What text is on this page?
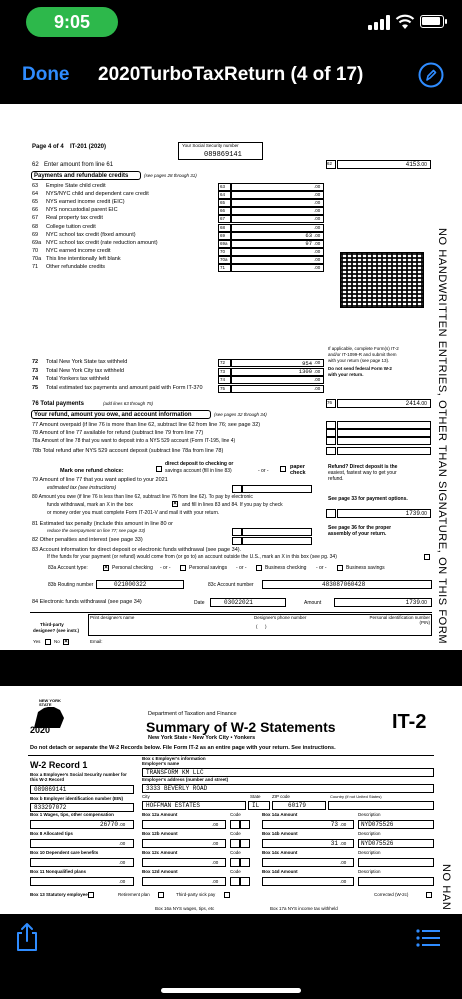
9:05
Done 2020TurboTaxReturn (4 of 17)
Page 4 of 4 IT-201 (2020)	Your Social Security number
089869141
62 Enter amount from line 61	62	4153 .00
Payments and refundable credits	(see pages 28 through 31)
63 Empire State child credit	63	.00
64 NYS/NYC child and dependent care credit	64	.00
65 NYS earned income credit (EIC)	65	.00
66 NYS noncustodial parent EIC	66	.00
67 Real property tax credit	67	.00
68 College tuition credit	68	.00
69 NYC school tax credit (fixed amount)	69	63 .00
69a NYC school tax credit (rate reduction amount)	69a	97 .00
70 NYC earned income credit	70	.00
70a This line intentionally left blank	70a	.00
71 Other refundable credits	71	.00
If applicable, complete Form(s) IT-2
and/or IT-1099-R and submit them
with your return (see page 13).
Do not send federal Form W-2
with your return.
72 Total New York State tax withheld	72	954 .00
73 Total New York City tax withheld	73	1300 .00
74 Total Yonkers tax withheld	74	.00
75 Total estimated tax payments and amount paid with Form IT-370	75	.00
76 Total payments	(add lines 63 through 75)	76	2414 .00
Your refund, amount you owe, and account information	(see pages 32 through 34)
77 Amount overpaid (if line 76 is more than line 62, subtract line 62 from line 76; see page 32)
78 Amount of line 77 available for refund (subtract line 79 from line 77)
78a Amount of line 78 that you want to deposit into a NYS 529 account (Form IT-195, line 4)
78b Total refund after NYS 529 account deposit (subtract line 78a from line 78)
Mark one refund choice:
direct deposit to checking or
savings account (fill in line 83)	- or -
paper check
Refund? Direct deposit is the
easiest, fastest way to get your
refund.
79 Amount of line 77 that you want applied to your 2021
estimated tax (see instructions)
80 Amount you owe (if line 76 is less than line 62, subtract line 76 from line 62). To pay by electronic
funds withdrawal, mark an X in the box	× and fill in lines 83 and 84. If you pay by check
or money order you must complete Form IT-201-V and mail it with your return.	1739 .00
See page 33 for payment options.
81 Estimated tax penalty (include this amount in line 80 or
reduce the overpayment on line 77; see page 33)
82 Other penalties and interest (see page 33)
See page 36 for the proper
assembly of your return.
83 Account information for direct deposit or electronic funds withdrawal (see page 34).
If the funds for your payment (or refund) would come from (or go to) an account outside the U.S., mark an X in this box (see pg. 34)
83a Account type:	× Personal checking - or -	Personal savings - or -	Business checking - or -	Business savings
83b Routing number	021000322	83c Account number	483087060428
84 Electronic funds withdrawal (see page 34)	Date	03022021	Amount	1739 .00
Third-party
designee? (see instr.)
Yes	No ×
Print designee's name	Designee's phone number
(      )
Personal identification number (PIN)
Email:	NO HANDWRITTEN ENTRIES, OTHER THAN SIGNATURE, ON THIS FORM

NEW YORK STATE
2020
Department of Taxation and Finance
Summary of W-2 Statements
New York State • New York City • Yonkers
IT-2
Do not detach or separate the W-2 Records below. File Form IT-2 as an entire page with your return. See instructions.
W-2 Record 1
Box a Employee's Social Security number for this W-2 Record
089869141
Box b Employer identification number (EIN)
833297072
Box c Employer's information
Employer's name
TRANSFORM KM LLC
Employer's address (number and street)
3333 BEVERLY ROAD
City	State	ZIP code	Country (if not United States)
HOFFMAN ESTATES	IL	60179
Box 1 Wages, tips, other compensation
26770 .00
Box 12a Amount
.00
Code	Box 14a Amount
73 .00
Description
NYD075526
Box 8 Allocated tips
.00
Box 12b Amount
.00
Code	Box 14b Amount
31 .00
Description
NYD075526
Box 10 Dependent care benefits
.00
Box 12c Amount
.00
Code	Box 14c Amount
.00
Description
Box 11 Nonqualified plans
.00
Box 12d Amount
.00
Code	Box 14d Amount
.00
Description
Box 13 Statutory employee	Retirement plan	Third-party sick pay	Corrected (W-2c)
Box 16a NYS wages, tips, etc	Box 17a NYS income tax withheld	NO HAN
